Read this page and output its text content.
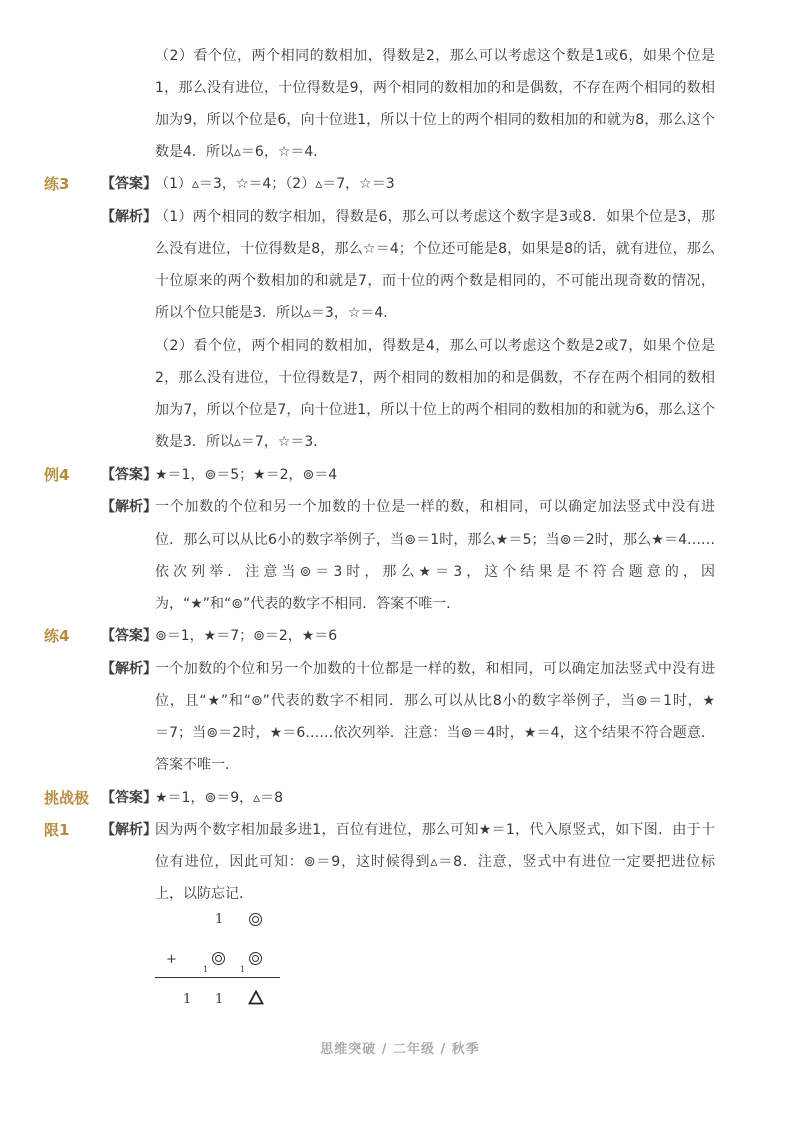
（2）看个位，两个相同的数相加，得数是2，那么可以考虑这个数是1或6，如果个位是
1，那么没有进位，十位得数是9，两个相同的数相加的和是偶数，不存在两个相同的数相
加为9，所以个位是6，向十位进1，所以十位上的两个相同的数相加的和就为8，那么这个
数是4．所以▵＝6，☆＝4．
练3 【答案】
（1）▵＝3，☆＝4；（2）▵＝7，☆＝3
【解析】
（1）两个相同的数字相加，得数是6，那么可以考虑这个数字是3或8．如果个位是3，那
么没有进位，十位得数是8，那么☆＝4；个位还可能是8，如果是8的话，就有进位，那么
十位原来的两个数相加的和就是7，而十位的两个数是相同的，不可能出现奇数的情况，
所以个位只能是3．所以▵＝3，☆＝4．
（2）看个位，两个相同的数相加，得数是4，那么可以考虑这个数是2或7，如果个位是
2，那么没有进位，十位得数是7，两个相同的数相加的和是偶数，不存在两个相同的数相
加为7，所以个位是7，向十位进1，所以十位上的两个相同的数相加的和就为6，那么这个
数是3．所以▵＝7，☆＝3．
例4 【答案】
★＝1，⊚＝5；★＝2，⊚＝4
【解析】
一个加数的个位和另一个加数的十位是一样的数，和相同，可以确定加法竖式中没有进
位．那么可以从比6小的数字举例子，当⊚＝1时，那么★＝5；当⊚＝2时，那么★＝4……
依次列举．注意当⊚＝3时，那么★＝3，这个结果是不符合题意的，因
为，“★”和“⊚”代表的数字不相同．答案不唯一．
练4 【答案】
⊚＝1，★＝7；⊚＝2，★＝6
【解析】
一个加数的个位和另一个加数的十位都是一样的数，和相同，可以确定加法竖式中没有进
位，且“★”和“⊚”代表的数字不相同．那么可以从比8小的数字举例子，当⊚＝1时，★
＝7；当⊚＝2时，★＝6……依次列举．注意：当⊚＝4时，★＝4，这个结果不符合题意．
答案不唯一．
挑战极 【答案】
★＝1，⊚＝9，▵＝8
限1 【解析】
因为两个数字相加最多进1，百位有进位，那么可知★＝1，代入原竖式，如下图．由于十
位有进位，因此可知：⊚＝9，这时候得到▵＝8．注意，竖式中有进位一定要把进位标
上，以防忘记．
1
+
1	1
1 1
思维突破 / 二年级 / 秋季
